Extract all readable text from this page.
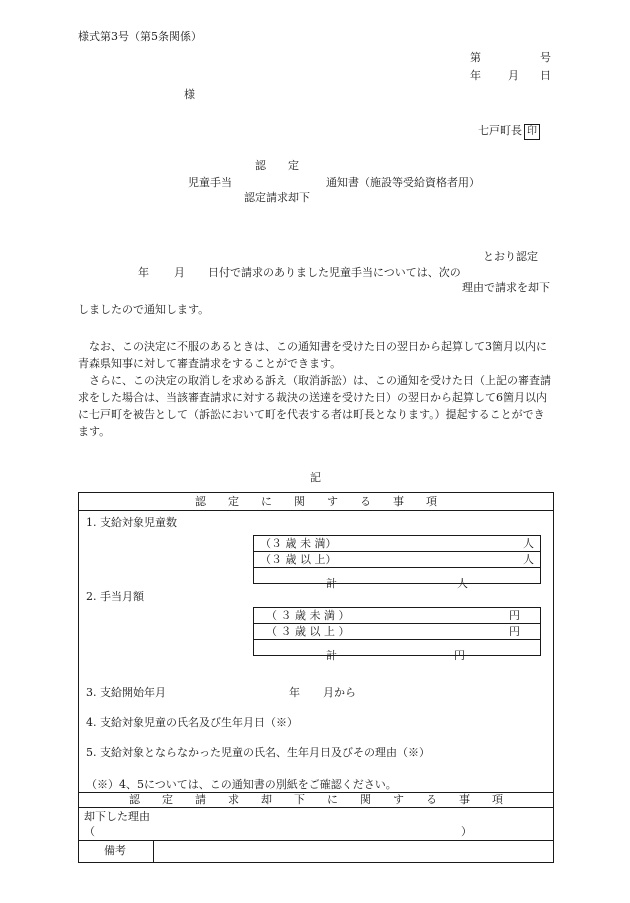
様式第3号（第5条関係）
第	号
年 月 日
様
七戸町長 印
認　　定
児童手当	通知書（施設等受給資格者用）
認定請求却下
とおり認定
年 月 日付で請求のありました児童手当については、次の
理由で請求を却下
しましたので通知します。

なお、この決定に不服のあるときは、この通知書を受けた日の翌日から起算して3箇月以内に青森県知事に対して審査請求をすることができます。

さらに、この決定の取消しを求める訴え（取消訴訟）は、この通知を受けた日（上記の審査請求をした場合は、当該審査請求に対する裁決の送達を受けた日）の翌日から起算して6箇月以内に七戸町を被告として（訴訟において町を代表する者は町長となります。）提起することができます。

記
認　　定　　に　　関　　す　　る　　事　　項
1. 支給対象児童数
（３ 歳 未 満）	人

（３ 歳 以 上）	人

計	人
2. 手当月額
（ ３ 歳 未 満 ）	円

（ ３ 歳 以 上 ）	円

計	円
3. 支給開始年月	年 月から
4. 支給対象児童の氏名及び生年月日（※）
5. 支給対象とならなかった児童の氏名、生年月日及びその理由（※）
（※）4、5については、この通知書の別紙をご確認ください。
認　　定　　請　　求　　却　　下　　に　　関　　す　　る　　事　　項
却下した理由
（	）
備考
